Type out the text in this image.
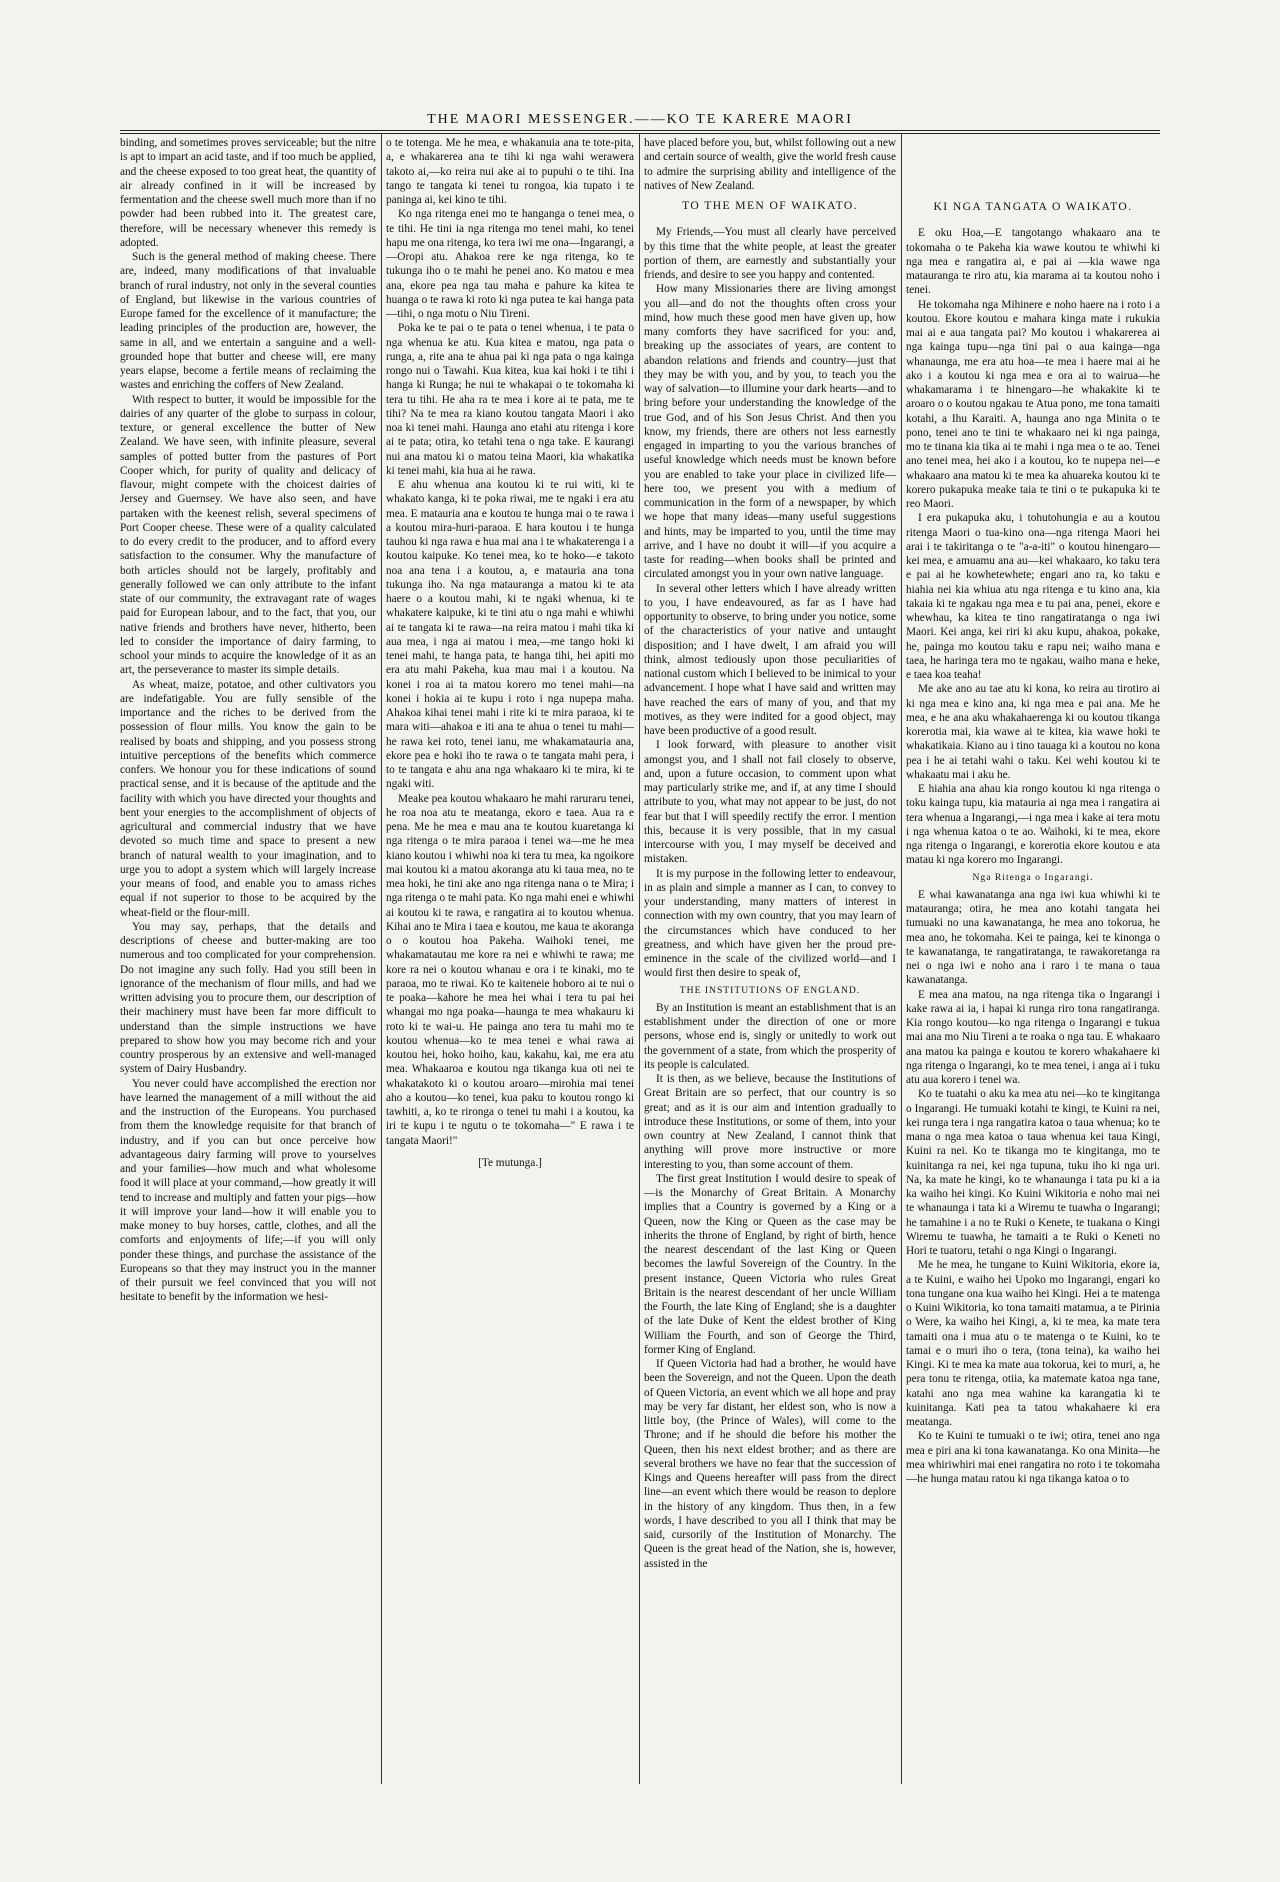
THE MAORI MESSENGER.——KO TE KARERE MAORI

binding, and sometimes proves serviceable; but the nitre is apt to impart an acid taste, and if too much be applied, and the cheese exposed to too great heat, the quantity of air already confined in it will be increased by fermentation and the cheese swell much more than if no powder had been rubbed into it. The greatest care, therefore, will be necessary whenever this remedy is adopted.

Such is the general method of making cheese. There are, indeed, many modifications of that invaluable branch of rural industry, not only in the several counties of England, but likewise in the various countries of Europe famed for the excellence of it manufacture; the leading principles of the production are, however, the same in all, and we entertain a sanguine and a well-grounded hope that butter and cheese will, ere many years elapse, become a fertile means of reclaiming the wastes and enriching the coffers of New Zealand.

With respect to butter, it would be impossible for the dairies of any quarter of the globe to surpass in colour, texture, or general excellence the butter of New Zealand. We have seen, with infinite pleasure, several samples of potted butter from the pastures of Port Cooper which, for purity of quality and delicacy of flavour, might compete with the choicest dairies of Jersey and Guernsey. We have also seen, and have partaken with the keenest relish, several specimens of Port Cooper cheese. These were of a quality calculated to do every credit to the producer, and to afford every satisfaction to the consumer. Why the manufacture of both articles should not be largely, profitably and generally followed we can only attribute to the infant state of our community, the extravagant rate of wages paid for European labour, and to the fact, that you, our native friends and brothers have never, hitherto, been led to consider the importance of dairy farming, to school your minds to acquire the knowledge of it as an art, the perseverance to master its simple details.

As wheat, maize, potatoe, and other cultivators you are indefatigable. You are fully sensible of the importance and the riches to be derived from the possession of flour mills. You know the gain to be realised by boats and shipping, and you possess strong intuitive perceptions of the benefits which commerce confers. We honour you for these indications of sound practical sense, and it is because of the aptitude and the facility with which you have directed your thoughts and bent your energies to the accomplishment of objects of agricultural and commercial industry that we have devoted so much time and space to present a new branch of natural wealth to your imagination, and to urge you to adopt a system which will largely increase your means of food, and enable you to amass riches equal if not superior to those to be acquired by the wheat-field or the flour-mill.

You may say, perhaps, that the details and descriptions of cheese and butter-making are too numerous and too complicated for your comprehension. Do not imagine any such folly. Had you still been in ignorance of the mechanism of flour mills, and had we written advising you to procure them, our description of their machinery must have been far more difficult to understand than the simple instructions we have prepared to show how you may become rich and your country prosperous by an extensive and well-managed system of Dairy Husbandry.

You never could have accomplished the erection nor have learned the management of a mill without the aid and the instruction of the Europeans. You purchased from them the knowledge requisite for that branch of industry, and if you can but once perceive how advantageous dairy farming will prove to yourselves and your families—how much and what wholesome food it will place at your command,—how greatly it will tend to increase and multiply and fatten your pigs—how it will improve your land—how it will enable you to make money to buy horses, cattle, clothes, and all the comforts and enjoyments of life;—if you will only ponder these things, and purchase the assistance of the Europeans so that they may instruct you in the manner of their pursuit we feel convinced that you will not hesitate to benefit by the information we hesi-

o te totenga. Me he mea, e whakanuia ana te tote-pita, a, e whakarerea ana te tihi ki nga wahi werawera takoto ai,—ko reira nui ake ai to pupuhi o te tihi. Ina tango te tangata ki tenei tu rongoa, kia tupato i te paninga ai, kei kino te tihi.

Ko nga ritenga enei mo te hanganga o tenei mea, o te tihi. He tini ia nga ritenga mo tenei mahi, ko tenei hapu me ona ritenga, ko tera iwi me ona—Ingarangi, a—Oropi atu. Ahakoa rere ke nga ritenga, ko te tukunga iho o te mahi he penei ano. Ko matou e mea ana, ekore pea nga tau maha e pahure ka kitea te huanga o te rawa ki roto ki nga putea te kai hanga pata—tihi, o nga motu o Niu Tireni.

Poka ke te pai o te pata o tenei whenua, i te pata o nga whenua ke atu. Kua kitea e matou, nga pata o runga, a, rite ana te ahua pai ki nga pata o nga kainga rongo nui o Tawahi. Kua kitea, kua kai hoki i te tihi i hanga ki Runga; he nui te whakapai o te tokomaha ki tera tu tihi. He aha ra te mea i kore ai te pata, me te tihi? Na te mea ra kiano koutou tangata Maori i ako noa ki tenei mahi. Haunga ano etahi atu ritenga i kore ai te pata; otira, ko tetahi tena o nga take. E kaurangi nui ana matou ki o matou teina Maori, kia whakatika ki tenei mahi, kia hua ai he rawa.

E ahu whenua ana koutou ki te rui witi, ki te whakato kanga, ki te poka riwai, me te ngaki i era atu mea. E matauria ana e koutou te hunga mai o te rawa i a koutou mira-huri-paraoa. E hara koutou i te hunga tauhou ki nga rawa e hua mai ana i te whakaterenga i a koutou kaipuke. Ko tenei mea, ko te hoko—e takoto noa ana tena i a koutou, a, e matauria ana tona tukunga iho. Na nga matauranga a matou ki te ata haere o a koutou mahi, ki te ngaki whenua, ki te whakatere kaipuke, ki te tini atu o nga mahi e whiwhi ai te tangata ki te rawa—na reira matou i mahi tika ki aua mea, i nga ai matou i mea,—me tango hoki ki tenei mahi, te hanga pata, te hanga tihi, hei apiti mo era atu mahi Pakeha, kua mau mai i a koutou. Na konei i roa ai ta matou korero mo tenei mahi—na konei i hokia ai te kupu i roto i nga nupepa maha. Ahakoa kihai tenei mahi i rite ki te mira paraoa, ki te mara witi—ahakoa e iti ana te ahua o tenei tu mahi—he rawa kei roto, tenei ianu, me whakamatauria ana, ekore pea e hoki iho te rawa o te tangata mahi pera, i to te tangata e ahu ana nga whakaaro ki te mira, ki te ngaki witi.

Meake pea koutou whakaaro he mahi raruraru tenei, he roa noa atu te meatanga, ekoro e taea. Aua ra e pena. Me he mea e mau ana te koutou kuaretanga ki nga ritenga o te mira paraoa i tenei wa—me he mea kiano koutou i whiwhi noa ki tera tu mea, ka ngoikore mai koutou ki a matou akoranga atu ki taua mea, no te mea hoki, he tini ake ano nga ritenga nana o te Mira; i nga ritenga o te mahi pata. Ko nga mahi enei e whiwhi ai koutou ki te rawa, e rangatira ai to koutou whenua. Kihai ano te Mira i taea e koutou, me kaua te akoranga o o koutou hoa Pakeha. Waihoki tenei, me whakamatautau me kore ra nei e whiwhi te rawa; me kore ra nei o koutou whanau e ora i te kinaki, mo te paraoa, mo te riwai. Ko te kaiteneie hoboro ai te nui o te poaka—kahore he mea hei whai i tera tu pai hei whangai mo nga poaka—haunga te mea whakauru ki roto ki te wai-u. He painga ano tera tu mahi mo te koutou whenua—ko te mea tenei e whai rawa ai koutou hei, hoko hoiho, kau, kakahu, kai, me era atu mea. Whakaaroa e koutou nga tikanga kua oti nei te whakatakoto ki o koutou aroaro—mirohia mai tenei aho a koutou—ko tenei, kua paku to koutou rongo ki tawhiti, a, ko te rironga o tenei tu mahi i a koutou, ka iri te kupu i te ngutu o te tokomaha—" E rawa i te tangata Maori!"

[Te mutunga.]

have placed before you, but, whilst following out a new and certain source of wealth, give the world fresh cause to admire the surprising ability and intelligence of the natives of New Zealand.

TO THE MEN OF WAIKATO.

My Friends,—You must all clearly have perceived by this time that the white people, at least the greater portion of them, are earnestly and substantially your friends, and desire to see you happy and contented.

How many Missionaries there are living amongst you all—and do not the thoughts often cross your mind, how much these good men have given up, how many comforts they have sacrificed for you: and, breaking up the associates of years, are content to abandon relations and friends and country—just that they may be with you, and by you, to teach you the way of salvation—to illumine your dark hearts—and to bring before your understanding the knowledge of the true God, and of his Son Jesus Christ. And then you know, my friends, there are others not less earnestly engaged in imparting to you the various branches of useful knowledge which needs must be known before you are enabled to take your place in civilized life—here too, we present you with a medium of communication in the form of a newspaper, by which we hope that many ideas—many useful suggestions and hints, may be imparted to you, until the time may arrive, and I have no doubt it will—if you acquire a taste for reading—when books shall be printed and circulated amongst you in your own native language.

In several other letters which I have already written to you, I have endeavoured, as far as I have had opportunity to observe, to bring under you notice, some of the characteristics of your native and untaught disposition; and I have dwelt, I am afraid you will think, almost tediously upon those peculiarities of national custom which I believed to be inimical to your advancement. I hope what I have said and written may have reached the ears of many of you, and that my motives, as they were indited for a good object, may have been productive of a good result.

I look forward, with pleasure to another visit amongst you, and I shall not fail closely to observe, and, upon a future occasion, to comment upon what may particularly strike me, and if, at any time I should attribute to you, what may not appear to be just, do not fear but that I will speedily rectify the error. I mention this, because it is very possible, that in my casual intercourse with you, I may myself be deceived and mistaken.

It is my purpose in the following letter to endeavour, in as plain and simple a manner as I can, to convey to your understanding, many matters of interest in connection with my own country, that you may learn of the circumstances which have conduced to her greatness, and which have given her the proud pre-eminence in the scale of the civilized world—and I would first then desire to speak of,

THE INSTITUTIONS OF ENGLAND.

By an Institution is meant an establishment that is an establishment under the direction of one or more persons, whose end is, singly or unitedly to work out the government of a state, from which the prosperity of its people is calculated.

It is then, as we believe, because the Institutions of Great Britain are so perfect, that our country is so great; and as it is our aim and intention gradually to introduce these Institutions, or some of them, into your own country at New Zealand, I cannot think that anything will prove more instructive or more interesting to you, than some account of them.

The first great Institution I would desire to speak of—is the Monarchy of Great Britain. A Monarchy implies that a Country is governed by a King or a Queen, now the King or Queen as the case may be inherits the throne of England, by right of birth, hence the nearest descendant of the last King or Queen becomes the lawful Sovereign of the Country. In the present instance, Queen Victoria who rules Great Britain is the nearest descendant of her uncle William the Fourth, the late King of England; she is a daughter of the late Duke of Kent the eldest brother of King William the Fourth, and son of George the Third, former King of England.

If Queen Victoria had had a brother, he would have been the Sovereign, and not the Queen. Upon the death of Queen Victoria, an event which we all hope and pray may be very far distant, her eldest son, who is now a little boy, (the Prince of Wales), will come to the Throne; and if he should die before his mother the Queen, then his next eldest brother; and as there are several brothers we have no fear that the succession of Kings and Queens hereafter will pass from the direct line—an event which there would be reason to deplore in the history of any kingdom. Thus then, in a few words, I have described to you all I think that may be said, cursorily of the Institution of Monarchy. The Queen is the great head of the Nation, she is, however, assisted in the

KI NGA TANGATA O WAIKATO.

E oku Hoa,—E tangotango whakaaro ana te tokomaha o te Pakeha kia wawe koutou te whiwhi ki nga mea e rangatira ai, e pai ai —kia wawe nga matauranga te riro atu, kia marama ai ta koutou noho i tenei.

He tokomaha nga Mihinere e noho haere na i roto i a koutou. Ekore koutou e mahara kinga mate i rukukia mai ai e aua tangata pai? Mo koutou i whakarerea ai nga kainga tupu—nga tini pai o aua kainga—nga whanaunga, me era atu hoa—te mea i haere mai ai he ako i a koutou ki nga mea e ora ai to wairua—he whakamarama i te hinengaro—he whakakite ki te aroaro o o koutou ngakau te Atua pono, me tona tamaiti kotahi, a Ihu Karaiti. A, haunga ano nga Minita o te pono, tenei ano te tini te whakaaro nei ki nga painga, mo te tinana kia tika ai te mahi i nga mea o te ao. Tenei ano tenei mea, hei ako i a koutou, ko te nupepa nei—e whakaaro ana matou ki te mea ka ahuareka koutou ki te korero pukapuka meake taia te tini o te pukapuka ki te reo Maori.

I era pukapuka aku, i tohutohungia e au a koutou ritenga Maori o tua-kino ona—nga ritenga Maori hei arai i te takiritanga o te "a-a-iti" o koutou hinengaro—kei mea, e amuamu ana au—kei whakaaro, ko taku tera e pai ai he kowhetewhete; engari ano ra, ko taku e hiahia nei kia whiua atu nga ritenga e tu kino ana, kia takaia ki te ngakau nga mea e tu pai ana, penei, ekore e whewhau, ka kitea te tino rangatiratanga o nga iwi Maori. Kei anga, kei riri ki aku kupu, ahakoa, pokake, he, painga mo koutou taku e rapu nei; waiho mana e taea, he haringa tera mo te ngakau, waiho mana e heke, e taea koa teaha!

Me ake ano au tae atu ki kona, ko reira au tirotiro ai ki nga mea e kino ana, ki nga mea e pai ana. Me he mea, e he ana aku whakahaerenga ki ou koutou tikanga korerotia mai, kia wawe ai te kitea, kia wawe hoki te whakatikaia. Kiano au i tino tauaga ki a koutou no kona pea i he ai tetahi wahi o taku. Kei wehi koutou ki te whakaatu mai i aku he.

E hiahia ana ahau kia rongo koutou ki nga ritenga o toku kainga tupu, kia matauria ai nga mea i rangatira ai tera whenua a Ingarangi,—i nga mea i kake ai tera motu i nga whenua katoa o te ao. Waihoki, ki te mea, ekore nga ritenga o Ingarangi, e korerotia ekore koutou e ata matau ki nga korero mo Ingarangi.

Nga Ritenga o Ingarangi.

E whai kawanatanga ana nga iwi kua whiwhi ki te matauranga; otira, he mea ano kotahi tangata hei tumuaki no una kawanatanga, he mea ano tokorua, he mea ano, he tokomaha. Kei te painga, kei te kinonga o te kawanatanga, te rangatiratanga, te rawakoretanga ra nei o nga iwi e noho ana i raro i te mana o taua kawanatanga.

E mea ana matou, na nga ritenga tika o Ingarangi i kake rawa ai ia, i hapai ki runga riro tona rangatiranga. Kia rongo koutou—ko nga ritenga o Ingarangi e tukua mai ana mo Niu Tireni a te roaka o nga tau. E whakaaro ana matou ka painga e koutou te korero whakahaere ki nga ritenga o Ingarangi, ko te mea tenei, i anga ai i tuku atu aua korero i tenei wa.

Ko te tuatahi o aku ka mea atu nei—ko te kingitanga o Ingarangi. He tumuaki kotahi te kingi, te Kuini ra nei, kei runga tera i nga rangatira katoa o taua whenua; ko te mana o nga mea katoa o taua whenua kei taua Kingi, Kuini ra nei. Ko te tikanga mo te kingitanga, mo te kuinitanga ra nei, kei nga tupuna, tuku iho ki nga uri. Na, ka mate he kingi, ko te whanaunga i tata pu ki a ia ka waiho hei kingi. Ko Kuini Wikitoria e noho mai nei te whanaunga i tata ki a Wiremu te tuawha o Ingarangi; he tamahine i a no te Ruki o Kenete, te tuakana o Kingi Wiremu te tuawha, he tamaiti a te Ruki o Keneti no Hori te tuatoru, tetahi o nga Kingi o Ingarangi.

Me he mea, he tungane to Kuini Wikitoria, ekore ia, a te Kuini, e waiho hei Upoko mo Ingarangi, engari ko tona tungane ona kua waiho hei Kingi. Hei a te matenga o Kuini Wikitoria, ko tona tamaiti matamua, a te Pirinia o Were, ka waiho hei Kingi, a, ki te mea, ka mate tera tamaiti ona i mua atu o te matenga o te Kuini, ko te tamai e o muri iho o tera, (tona teina), ka waiho hei Kingi. Ki te mea ka mate aua tokorua, kei to muri, a, he pera tonu te ritenga, otiia, ka matemate katoa nga tane, katahi ano nga mea wahine ka karangatia ki te kuinitanga. Kati pea ta tatou whakahaere ki era meatanga.

Ko te Kuini te tumuaki o te iwi; otira, tenei ano nga mea e piri ana ki tona kawanatanga. Ko ona Minita—he mea whiriwhiri mai enei rangatira no roto i te tokomaha—he hunga matau ratou ki nga tikanga katoa o to
